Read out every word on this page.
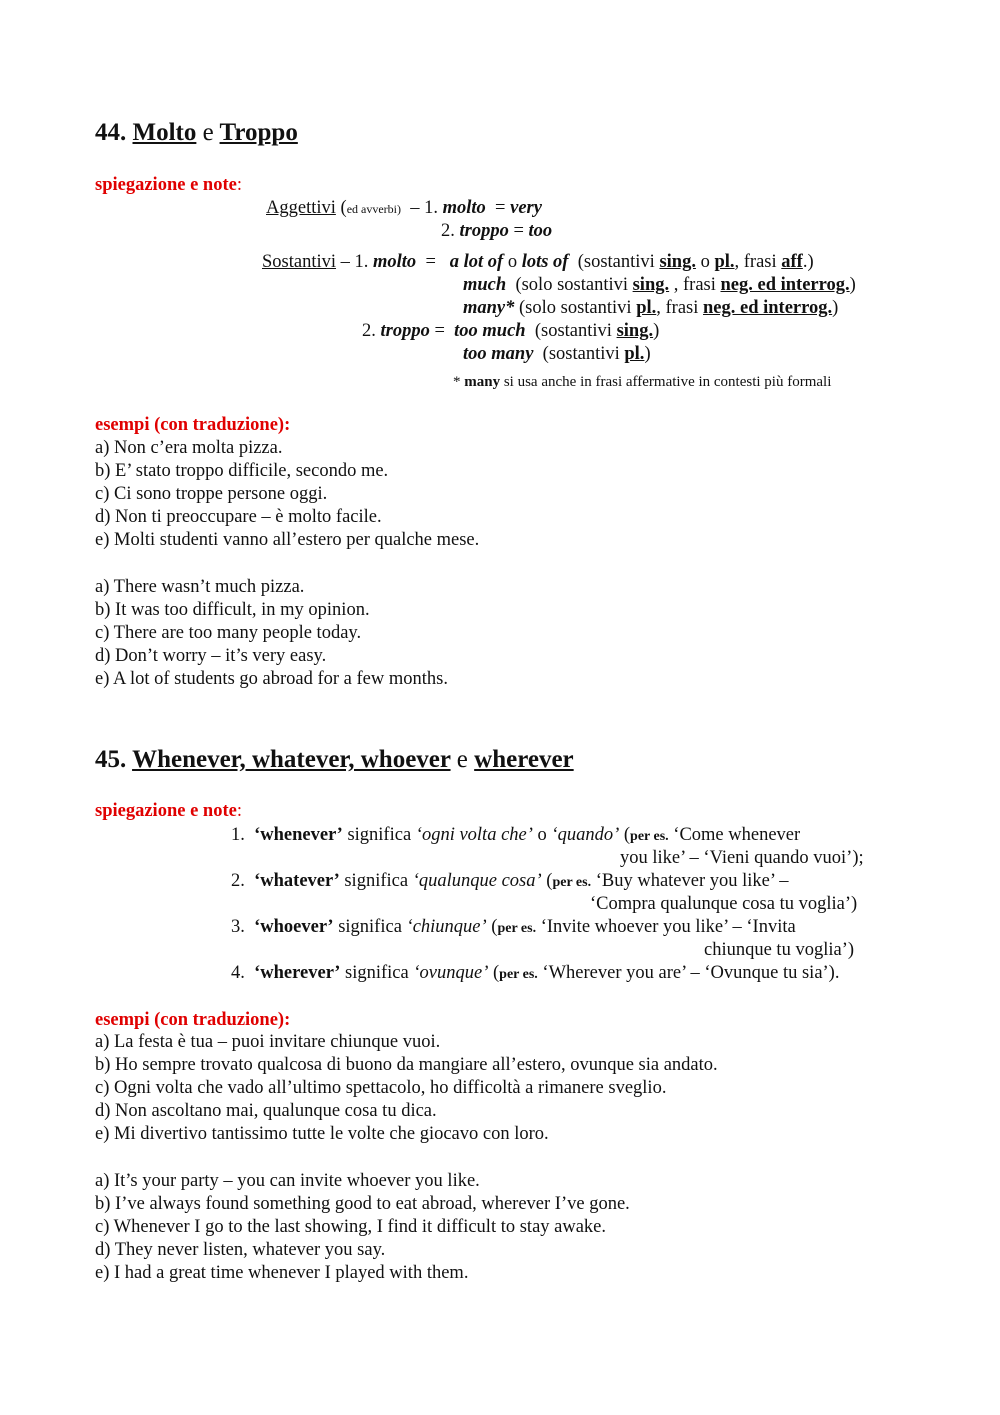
44. Molto e Troppo
spiegazione e note:
Aggettivi (ed avverbi) – 1. molto = very
2. troppo = too
Sostantivi – 1. molto = a lot of o lots of (sostantivi sing. o pl., frasi aff.)
much (solo sostantivi sing. , frasi neg. ed interrog.)
many* (solo sostantivi pl., frasi neg. ed interrog.)
2. troppo = too much (sostantivi sing.)
too many (sostantivi pl.)
* many si usa anche in frasi affermative in contesti più formali
esempi (con traduzione):
a) Non c’era molta pizza.
b) E’ stato troppo difficile, secondo me.
c) Ci sono troppe persone oggi.
d) Non ti preoccupare – è molto facile.
e) Molti studenti vanno all’estero per qualche mese.
a) There wasn’t much pizza.
b) It was too difficult, in my opinion.
c) There are too many people today.
d) Don’t worry – it’s very easy.
e) A lot of students go abroad for a few months.
45. Whenever, whatever, whoever e wherever
spiegazione e note:
1. ‘whenever’ significa ‘ogni volta che’ o ‘quando’ (per es. ‘Come whenever
you like’ – ‘Vieni quando vuoi’);
2. ‘whatever’ significa ‘qualunque cosa’ (per es. ‘Buy whatever you like’ –
‘Compra qualunque cosa tu voglia’)
3. ‘whoever’ significa ‘chiunque’ (per es. ‘Invite whoever you like’ – ‘Invita
chiunque tu voglia’)
4. ‘wherever’ significa ‘ovunque’ (per es. ‘Wherever you are’ – ‘Ovunque tu sia’).
esempi (con traduzione):
a) La festa è tua – puoi invitare chiunque vuoi.
b) Ho sempre trovato qualcosa di buono da mangiare all’estero, ovunque sia andato.
c) Ogni volta che vado all’ultimo spettacolo, ho difficoltà a rimanere sveglio.
d) Non ascoltano mai, qualunque cosa tu dica.
e) Mi divertivo tantissimo tutte le volte che giocavo con loro.
a) It’s your party – you can invite whoever you like.
b) I’ve always found something good to eat abroad, wherever I’ve gone.
c) Whenever I go to the last showing, I find it difficult to stay awake.
d) They never listen, whatever you say.
e) I had a great time whenever I played with them.
